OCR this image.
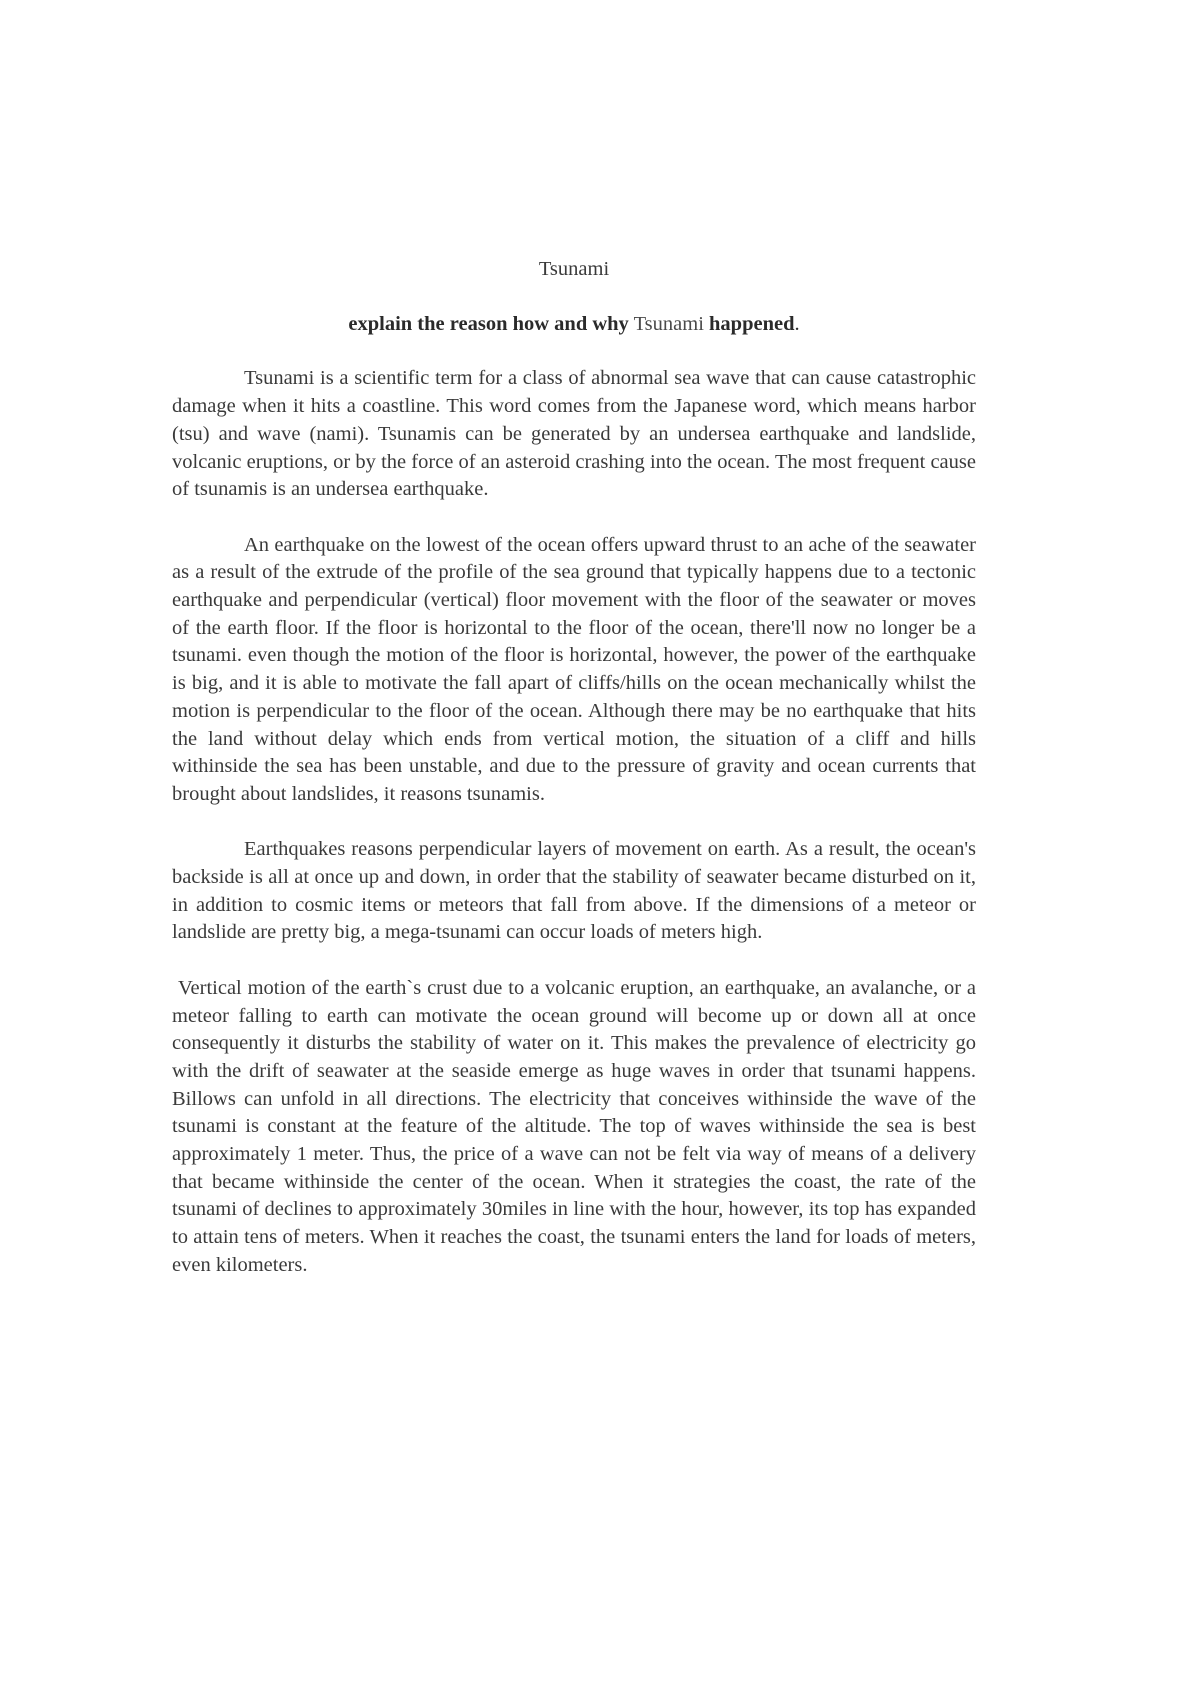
Tsunami

explain the reason how and why Tsunami happened.

Tsunami is a scientific term for a class of abnormal sea wave that can cause catastrophic damage when it hits a coastline. This word comes from the Japanese word, which means harbor (tsu) and wave (nami). Tsunamis can be generated by an undersea earthquake and landslide, volcanic eruptions, or by the force of an asteroid crashing into the ocean. The most frequent cause of tsunamis is an undersea earthquake.

An earthquake on the lowest of the ocean offers upward thrust to an ache of the seawater as a result of the extrude of the profile of the sea ground that typically happens due to a tectonic earthquake and perpendicular (vertical) floor movement with the floor of the seawater or moves of the earth floor. If the floor is horizontal to the floor of the ocean, there'll now no longer be a tsunami. even though the motion of the floor is horizontal, however, the power of the earthquake is big, and it is able to motivate the fall apart of cliffs/hills on the ocean mechanically whilst the motion is perpendicular to the floor of the ocean. Although there may be no earthquake that hits the land without delay which ends from vertical motion, the situation of a cliff and hills withinside the sea has been unstable, and due to the pressure of gravity and ocean currents that brought about landslides, it reasons tsunamis.

Earthquakes reasons perpendicular layers of movement on earth. As a result, the ocean's backside is all at once up and down, in order that the stability of seawater became disturbed on it, in addition to cosmic items or meteors that fall from above. If the dimensions of a meteor or landslide are pretty big, a mega-tsunami can occur loads of meters high.

Vertical motion of the earth`s crust due to a volcanic eruption, an earthquake, an avalanche, or a meteor falling to earth can motivate the ocean ground will become up or down all at once consequently it disturbs the stability of water on it. This makes the prevalence of electricity go with the drift of seawater at the seaside emerge as huge waves in order that tsunami happens. Billows can unfold in all directions. The electricity that conceives withinside the wave of the tsunami is constant at the feature of the altitude. The top of waves withinside the sea is best approximately 1 meter. Thus, the price of a wave can not be felt via way of means of a delivery that became withinside the center of the ocean. When it strategies the coast, the rate of the tsunami of declines to approximately 30miles in line with the hour, however, its top has expanded to attain tens of meters. When it reaches the coast, the tsunami enters the land for loads of meters, even kilometers.
